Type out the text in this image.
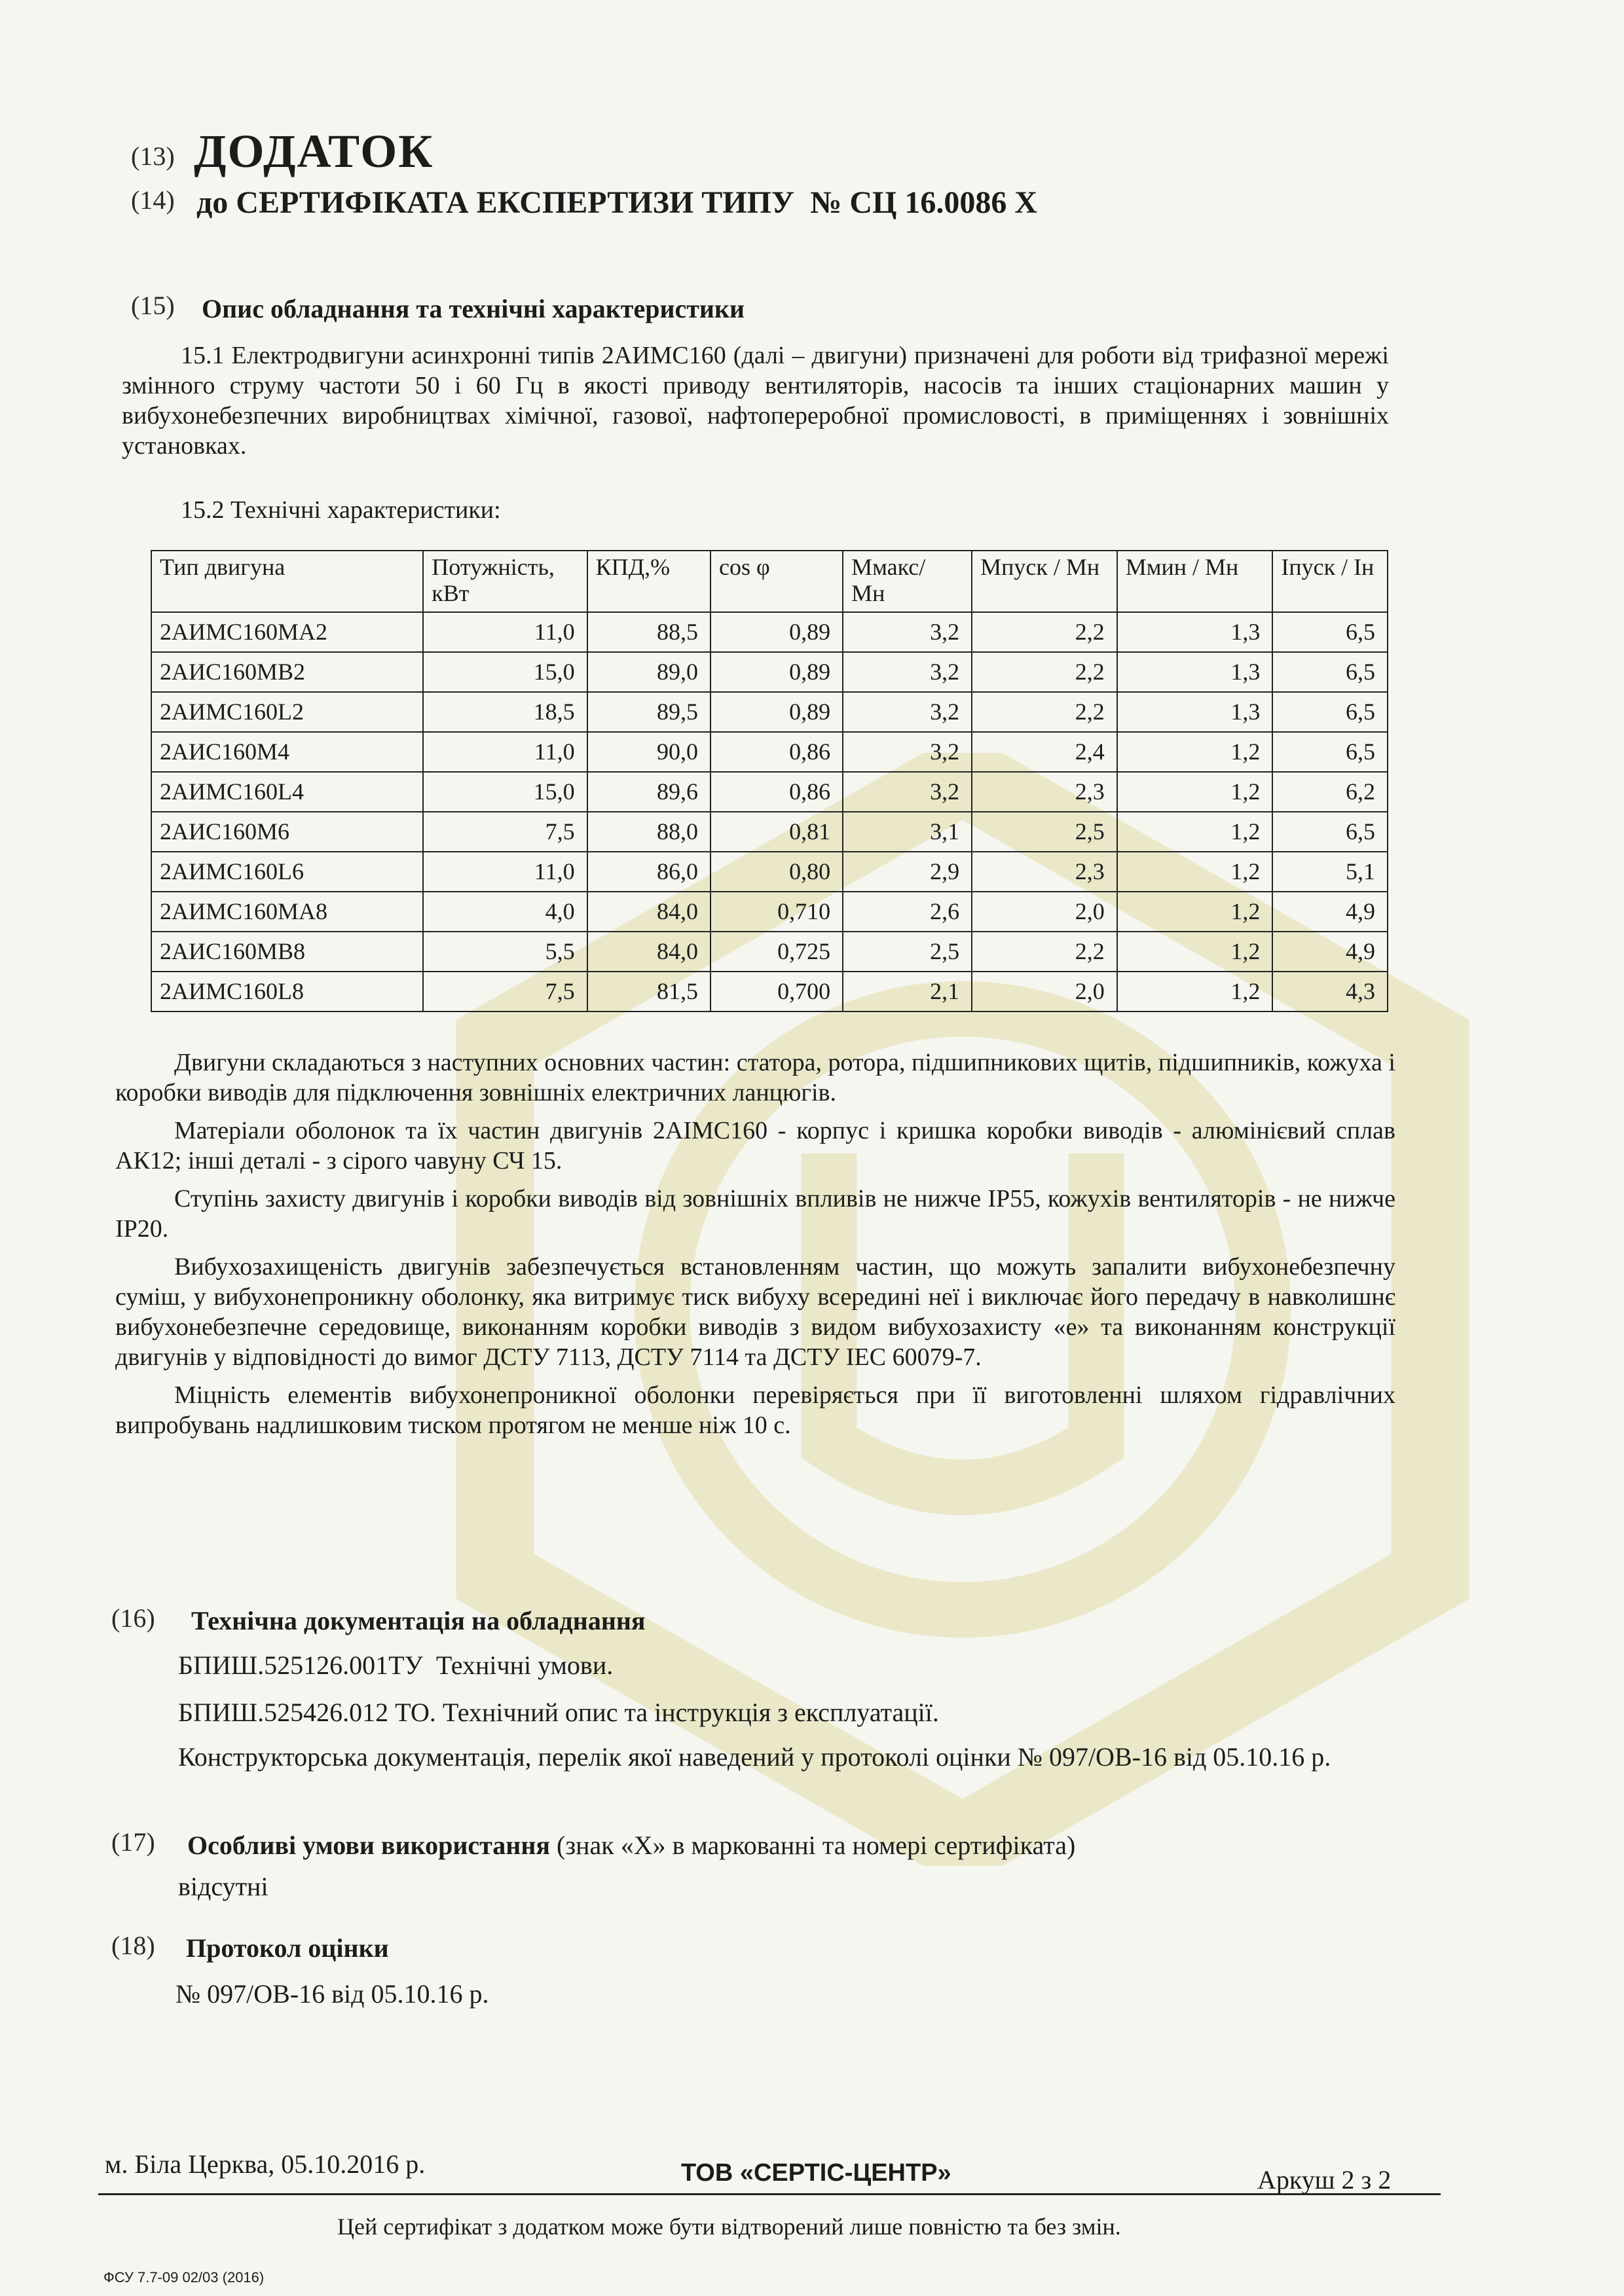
(13) ДОДАТОК
(14) до СЕРТИФІКАТА ЕКСПЕРТИЗИ ТИПУ  № СЦ 16.0086 Х
(15) Опис обладнання та технічні характеристики

15.1 Електродвигуни асинхронні типів 2АИМС160 (далі – двигуни) призначені для роботи від трифазної мережі змінного струму частоти 50 і 60 Гц в якості приводу вентиляторів, насосів та інших стаціонарних машин у вибухонебезпечних виробництвах хімічної, газової, нафтопереробної промисловості, в приміщеннях і зовнішніх установках.

15.2 Технічні характеристики:
Тип двигуна	Потужність, кВт	КПД,%	cos φ	Ммакс/ Мн	Мпуск / Мн	Ммин / Мн	Iпуск / Iн
2АИМС160МА2	11,0	88,5	0,89	3,2	2,2	1,3	6,5
2АИС160МВ2	15,0	89,0	0,89	3,2	2,2	1,3	6,5
2АИМС160L2	18,5	89,5	0,89	3,2	2,2	1,3	6,5
2АИС160М4	11,0	90,0	0,86	3,2	2,4	1,2	6,5
2АИМС160L4	15,0	89,6	0,86	3,2	2,3	1,2	6,2
2АИС160М6	7,5	88,0	0,81	3,1	2,5	1,2	6,5
2АИМС160L6	11,0	86,0	0,80	2,9	2,3	1,2	5,1
2АИМС160МА8	4,0	84,0	0,710	2,6	2,0	1,2	4,9
2АИС160МВ8	5,5	84,0	0,725	2,5	2,2	1,2	4,9
2АИМС160L8	7,5	81,5	0,700	2,1	2,0	1,2	4,3

Двигуни складаються з наступних основних частин: статора, ротора, підшипникових щитів, підшипників, кожуха і коробки виводів для підключення зовнішніх електричних ланцюгів.

Матеріали оболонок та їх частин двигунів 2АІМС160 - корпус і кришка коробки виводів - алюмінієвий сплав АК12; інші деталі - з сірого чавуну СЧ 15.

Ступінь захисту двигунів і коробки виводів від зовнішніх впливів не нижче IP55, кожухів вентиляторів - не нижче IP20.

Вибухозахищеність двигунів забезпечується встановленням частин, що можуть запалити вибухонебезпечну суміш, у вибухонепроникну оболонку, яка витримує тиск вибуху всередині неї і виключає його передачу в навколишнє вибухонебезпечне середовище, виконанням коробки виводів з видом вибухозахисту «е» та виконанням конструкції двигунів у відповідності до вимог ДСТУ 7113, ДСТУ 7114 та ДСТУ IEC 60079-7.

Міцність елементів вибухонепроникної оболонки перевіряється при її виготовленні шляхом гідравлічних випробувань надлишковим тиском протягом не менше ніж 10 с.

(16) Технічна документація на обладнання
БПИШ.525126.001ТУ  Технічні умови.
БПИШ.525426.012 ТО. Технічний опис та інструкція з експлуатації.
Конструкторська документація, перелік якої наведений у протоколі оцінки № 097/ОВ-16 від 05.10.16 р.
(17) Особливі умови використання (знак «Х» в маркованні та номері сертифіката)
відсутні
(18) Протокол оцінки
№ 097/ОВ-16 від 05.10.16 р.
м. Біла Церква, 05.10.2016 р.	ТОВ «СЕРТІС-ЦЕНТР»	Аркуш 2 з 2
Цей сертифікат з додатком може бути відтворений лише повністю та без змін.
ФСУ 7.7-09 02/03 (2016)
